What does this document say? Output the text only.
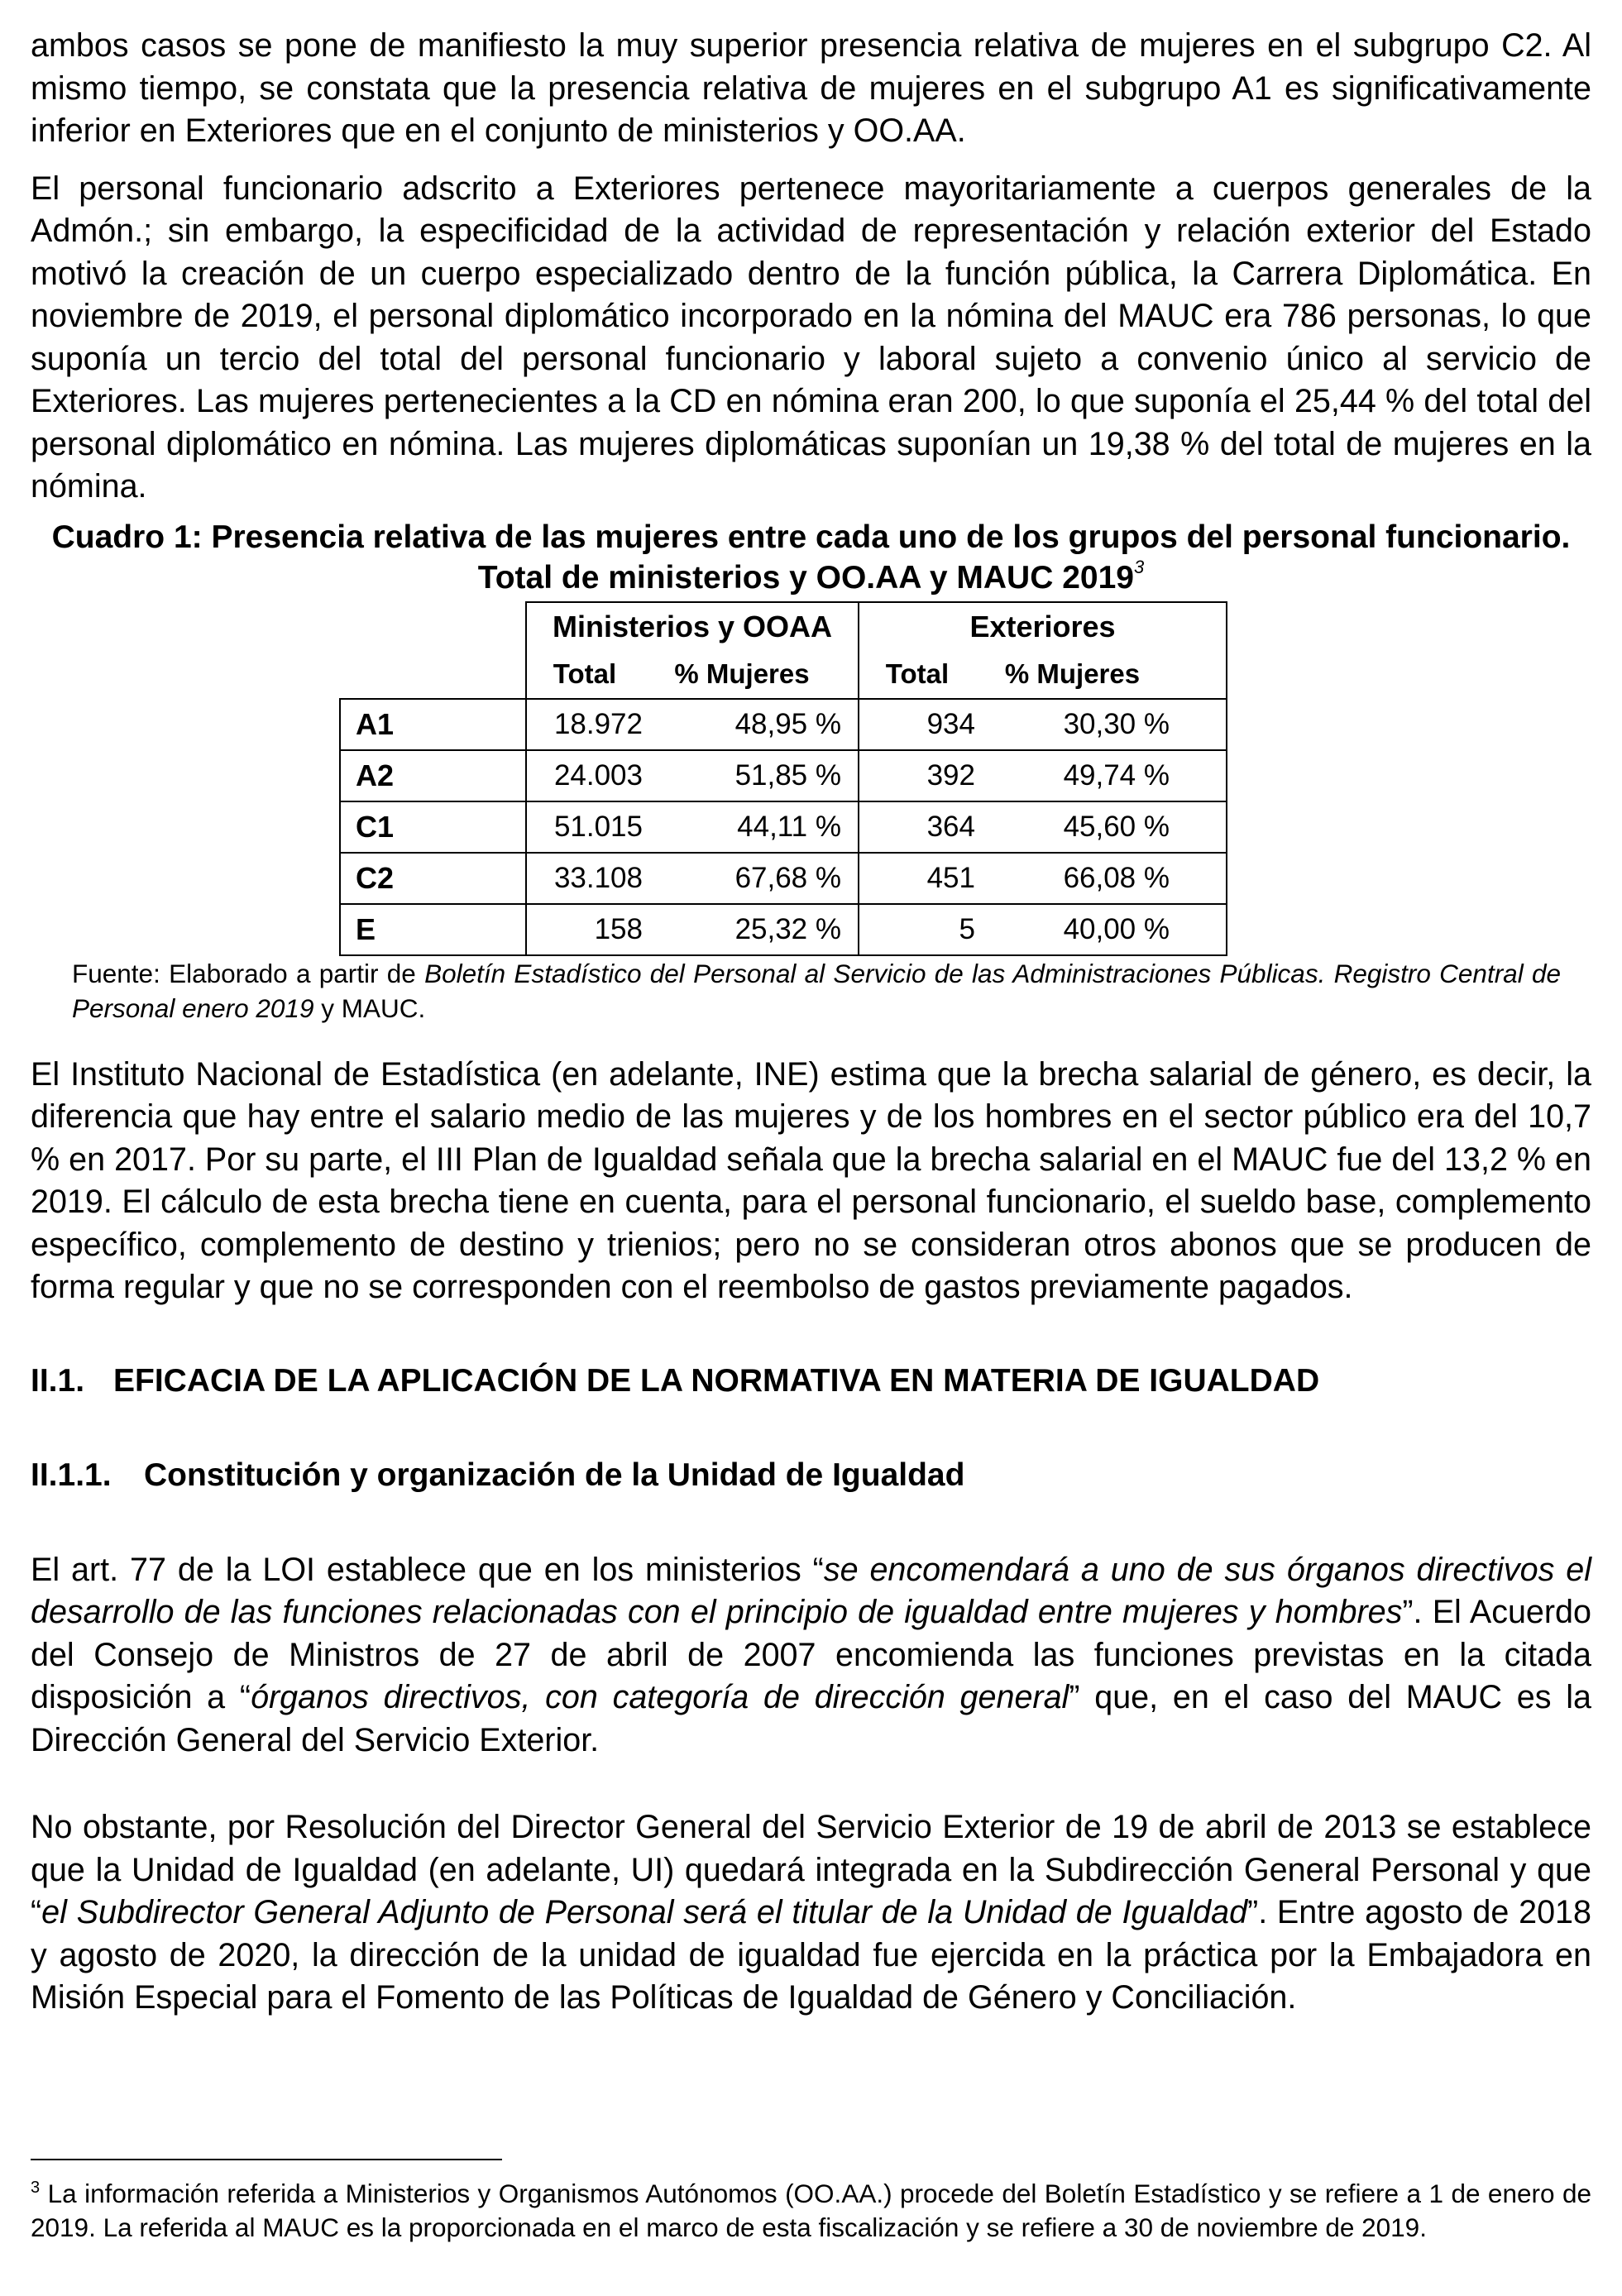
ambos casos se pone de manifiesto la muy superior presencia relativa de mujeres en el subgrupo C2. Al mismo tiempo, se constata que la presencia relativa de mujeres en el subgrupo A1 es significativamente inferior en Exteriores que en el conjunto de ministerios y OO.AA.

El personal funcionario adscrito a Exteriores pertenece mayoritariamente a cuerpos generales de la Admón.; sin embargo, la especificidad de la actividad de representación y relación exterior del Estado motivó la creación de un cuerpo especializado dentro de la función pública, la Carrera Diplomática. En noviembre de 2019, el personal diplomático incorporado en la nómina del MAUC era 786 personas, lo que suponía un tercio del total del personal funcionario y laboral sujeto a convenio único al servicio de Exteriores. Las mujeres pertenecientes a la CD en nómina eran 200, lo que suponía el 25,44 % del total del personal diplomático en nómina. Las mujeres diplomáticas suponían un 19,38 % del total de mujeres en la nómina.

Cuadro 1: Presencia relativa de las mujeres entre cada uno de los grupos del personal funcionario. Total de ministerios y OO.AA y MAUC 2019$^3$
	Ministerios y OOAA		Exteriores	
	Total	% Mujeres	Total	% Mujeres
A1	18.972	48,95 %	934	30,30 %
A2	24.003	51,85 %	392	49,74 %
C1	51.015	44,11 %	364	45,60 %
C2	33.108	67,68 %	451	66,08 %
E	158	25,32 %	5	40,00 %

Fuente: Elaborado a partir de Boletín Estadístico del Personal al Servicio de las Administraciones Públicas. Registro Central de Personal enero 2019 y MAUC.

El Instituto Nacional de Estadística (en adelante, INE) estima que la brecha salarial de género, es decir, la diferencia que hay entre el salario medio de las mujeres y de los hombres en el sector público era del 10,7 % en 2017. Por su parte, el III Plan de Igualdad señala que la brecha salarial en el MAUC fue del 13,2 % en 2019. El cálculo de esta brecha tiene en cuenta, para el personal funcionario, el sueldo base, complemento específico, complemento de destino y trienios; pero no se consideran otros abonos que se producen de forma regular y que no se corresponden con el reembolso de gastos previamente pagados.

II.1. EFICACIA DE LA APLICACIÓN DE LA NORMATIVA EN MATERIA DE IGUALDAD
II.1.1. Constitución y organización de la Unidad de Igualdad

El art. 77 de la LOI establece que en los ministerios “se encomendará a uno de sus órganos directivos el desarrollo de las funciones relacionadas con el principio de igualdad entre mujeres y hombres”. El Acuerdo del Consejo de Ministros de 27 de abril de 2007 encomienda las funciones previstas en la citada disposición a “órganos directivos, con categoría de dirección general” que, en el caso del MAUC es la Dirección General del Servicio Exterior.

No obstante, por Resolución del Director General del Servicio Exterior de 19 de abril de 2013 se establece que la Unidad de Igualdad (en adelante, UI) quedará integrada en la Subdirección General Personal y que “el Subdirector General Adjunto de Personal será el titular de la Unidad de Igualdad”. Entre agosto de 2018 y agosto de 2020, la dirección de la unidad de igualdad fue ejercida en la práctica por la Embajadora en Misión Especial para el Fomento de las Políticas de Igualdad de Género y Conciliación.

$^3$ La información referida a Ministerios y Organismos Autónomos (OO.AA.) procede del Boletín Estadístico y se refiere a 1 de enero de 2019. La referida al MAUC es la proporcionada en el marco de esta fiscalización y se refiere a 30 de noviembre de 2019.
